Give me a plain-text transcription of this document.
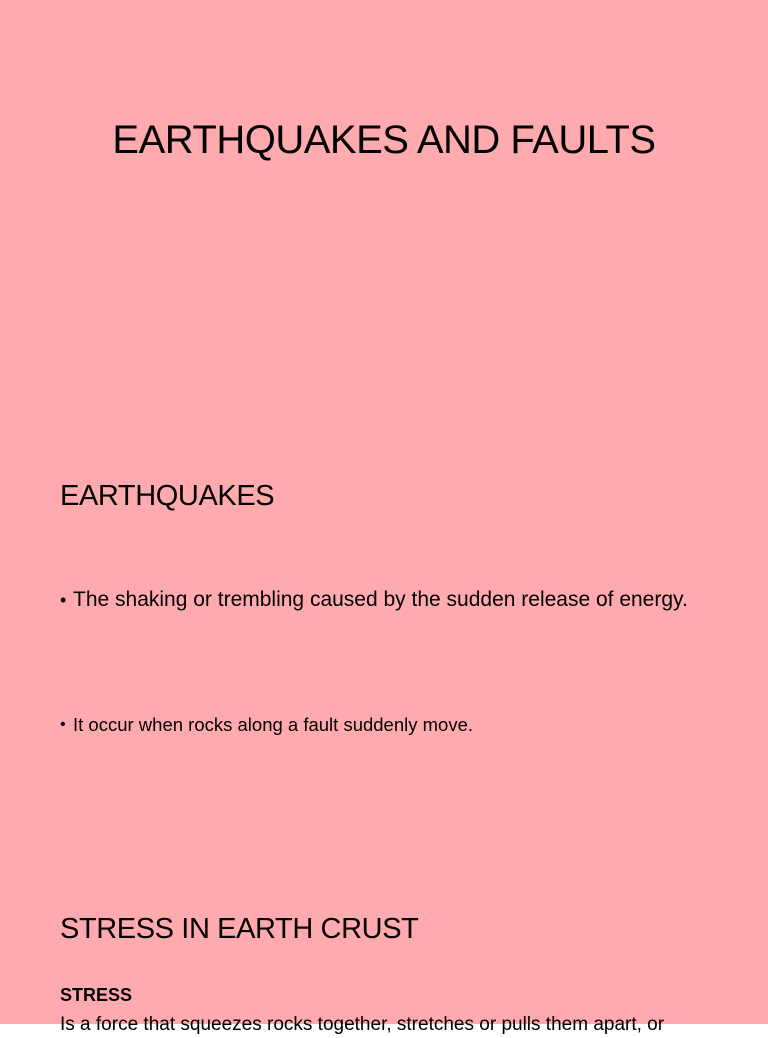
EARTHQUAKES AND FAULTS
EARTHQUAKES
• The shaking or trembling caused by the sudden release of energy.
• It occur when rocks along a fault suddenly move.
STRESS IN EARTH CRUST
STRESS
Is a force that squeezes rocks together, stretches or pulls them apart, or
